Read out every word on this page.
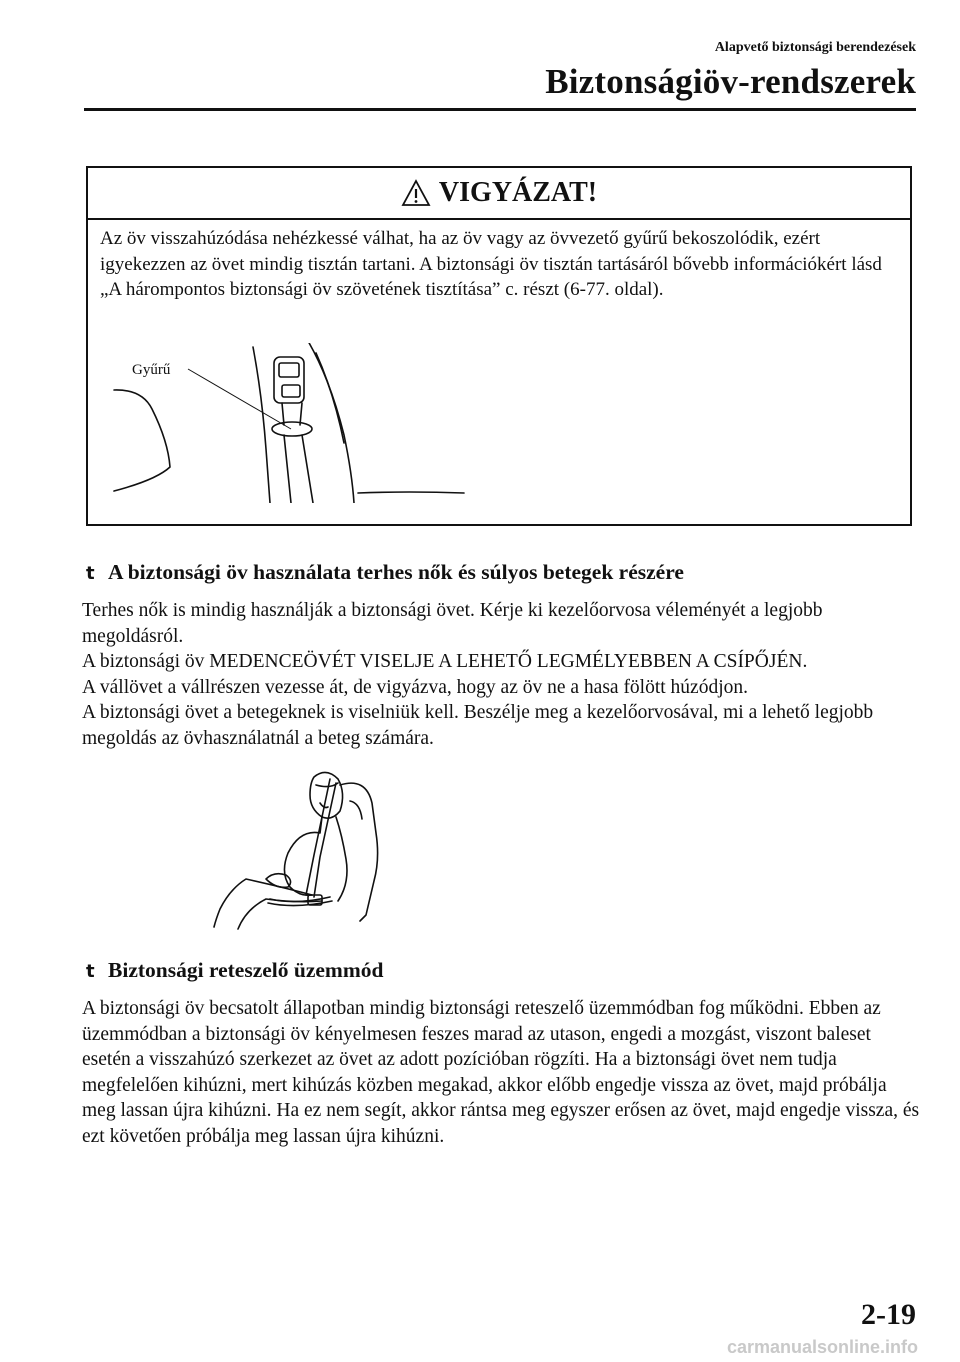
Alapvető biztonsági berendezések
Biztonságiöv-rendszerek
VIGYÁZAT!

Az öv visszahúzódása nehézkessé válhat, ha az öv vagy az övvezető gyűrű bekoszolódik, ezért igyekezzen az övet mindig tisztán tartani. A biztonsági öv tisztán tartásáról bővebb információkért lásd „A hárompontos biztonsági öv szövetének tisztítása” c. részt (6-77. oldal).

Gyűrű
t A biztonsági öv használata terhes nők és súlyos betegek részére

Terhes nők is mindig használják a biztonsági övet. Kérje ki kezelőorvosa véleményét a legjobb megoldásról.

A biztonsági öv MEDENCEÖVÉT VISELJE A LEHETŐ LEGMÉLYEBBEN A CSÍPŐJÉN.

A vállövet a vállrészen vezesse át, de vigyázva, hogy az öv ne a hasa fölött húzódjon.

A biztonsági övet a betegeknek is viselniük kell. Beszélje meg a kezelőorvosával, mi a lehető legjobb megoldás az övhasználatnál a beteg számára.

t Biztonsági reteszelő üzemmód

A biztonsági öv becsatolt állapotban mindig biztonsági reteszelő üzemmódban fog működni. Ebben az üzemmódban a biztonsági öv kényelmesen feszes marad az utason, engedi a mozgást, viszont baleset esetén a visszahúzó szerkezet az övet az adott pozícióban rögzíti. Ha a biztonsági övet nem tudja megfelelően kihúzni, mert kihúzás közben megakad, akkor előbb engedje vissza az övet, majd próbálja meg lassan újra kihúzni. Ha ez nem segít, akkor rántsa meg egyszer erősen az övet, majd engedje vissza, és ezt követően próbálja meg lassan újra kihúzni.

2-19
carmanualsonline.info
